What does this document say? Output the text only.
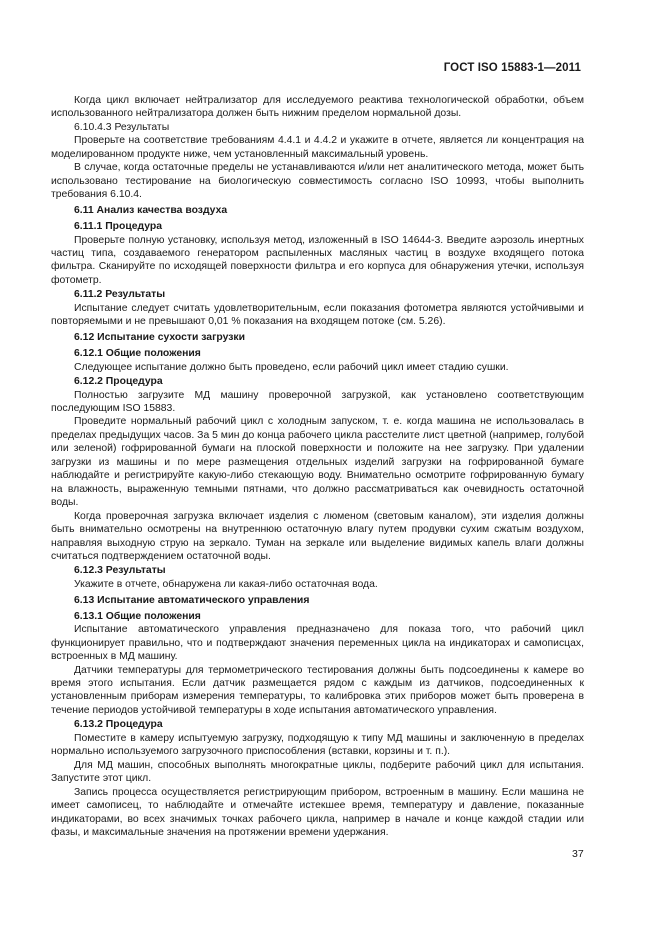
ГОСТ ISO 15883-1—2011

Когда цикл включает нейтрализатор для исследуемого реактива технологической обработки, объем использованного нейтрализатора должен быть нижним пределом нормальной дозы.

6.10.4.3 Результаты

Проверьте на соответствие требованиям 4.4.1 и 4.4.2 и укажите в отчете, является ли концентрация на моделированном продукте ниже, чем установленный максимальный уровень.

В случае, когда остаточные пределы не устанавливаются и/или нет аналитического метода, может быть использовано тестирование на биологическую совместимость согласно ISO 10993, чтобы выполнить требования 6.10.4.

6.11 Анализ качества воздуха

6.11.1 Процедура

Проверьте полную установку, используя метод, изложенный в ISO 14644-3. Введите аэрозоль инертных частиц типа, создаваемого генератором распыленных масляных частиц в воздухе входящего потока фильтра. Сканируйте по исходящей поверхности фильтра и его корпуса для обнаружения утечки, используя фотометр.

6.11.2 Результаты

Испытание следует считать удовлетворительным, если показания фотометра являются устойчивыми и повторяемыми и не превышают 0,01 % показания на входящем потоке (см. 5.26).

6.12 Испытание сухости загрузки

6.12.1 Общие положения

Следующее испытание должно быть проведено, если рабочий цикл имеет стадию сушки.

6.12.2 Процедура

Полностью загрузите МД машину проверочной загрузкой, как установлено соответствующим последующим ISO 15883.

Проведите нормальный рабочий цикл с холодным запуском, т. е. когда машина не использовалась в пределах предыдущих часов. За 5 мин до конца рабочего цикла расстелите лист цветной (например, голубой или зеленой) гофрированной бумаги на плоской поверхности и положите на нее загрузку. При удалении загрузки из машины и по мере размещения отдельных изделий загрузки на гофрированной бумаге наблюдайте и регистрируйте какую-либо стекающую воду. Внимательно осмотрите гофрированную бумагу на влажность, выраженную темными пятнами, что должно рассматриваться как очевидность остаточной воды.

Когда проверочная загрузка включает изделия с люменом (световым каналом), эти изделия должны быть внимательно осмотрены на внутреннюю остаточную влагу путем продувки сухим сжатым воздухом, направляя выходную струю на зеркало. Туман на зеркале или выделение видимых капель влаги должны считаться подтверждением остаточной воды.

6.12.3 Результаты

Укажите в отчете, обнаружена ли какая-либо остаточная вода.

6.13 Испытание автоматического управления

6.13.1 Общие положения

Испытание автоматического управления предназначено для показа того, что рабочий цикл функционирует правильно, что и подтверждают значения переменных цикла на индикаторах и самописцах, встроенных в МД машину.

Датчики температуры для термометрического тестирования должны быть подсоединены к камере во время этого испытания. Если датчик размещается рядом с каждым из датчиков, подсоединенных к установленным приборам измерения температуры, то калибровка этих приборов может быть проверена в течение периодов устойчивой температуры в ходе испытания автоматического управления.

6.13.2 Процедура

Поместите в камеру испытуемую загрузку, подходящую к типу МД машины и заключенную в пределах нормально используемого загрузочного приспособления (вставки, корзины и т. п.).

Для МД машин, способных выполнять многократные циклы, подберите рабочий цикл для испытания. Запустите этот цикл.

Запись процесса осуществляется регистрирующим прибором, встроенным в машину. Если машина не имеет самописец, то наблюдайте и отмечайте истекшее время, температуру и давление, показанные индикаторами, во всех значимых точках рабочего цикла, например в начале и конце каждой стадии или фазы, и максимальные значения на протяжении времени удержания.

37
